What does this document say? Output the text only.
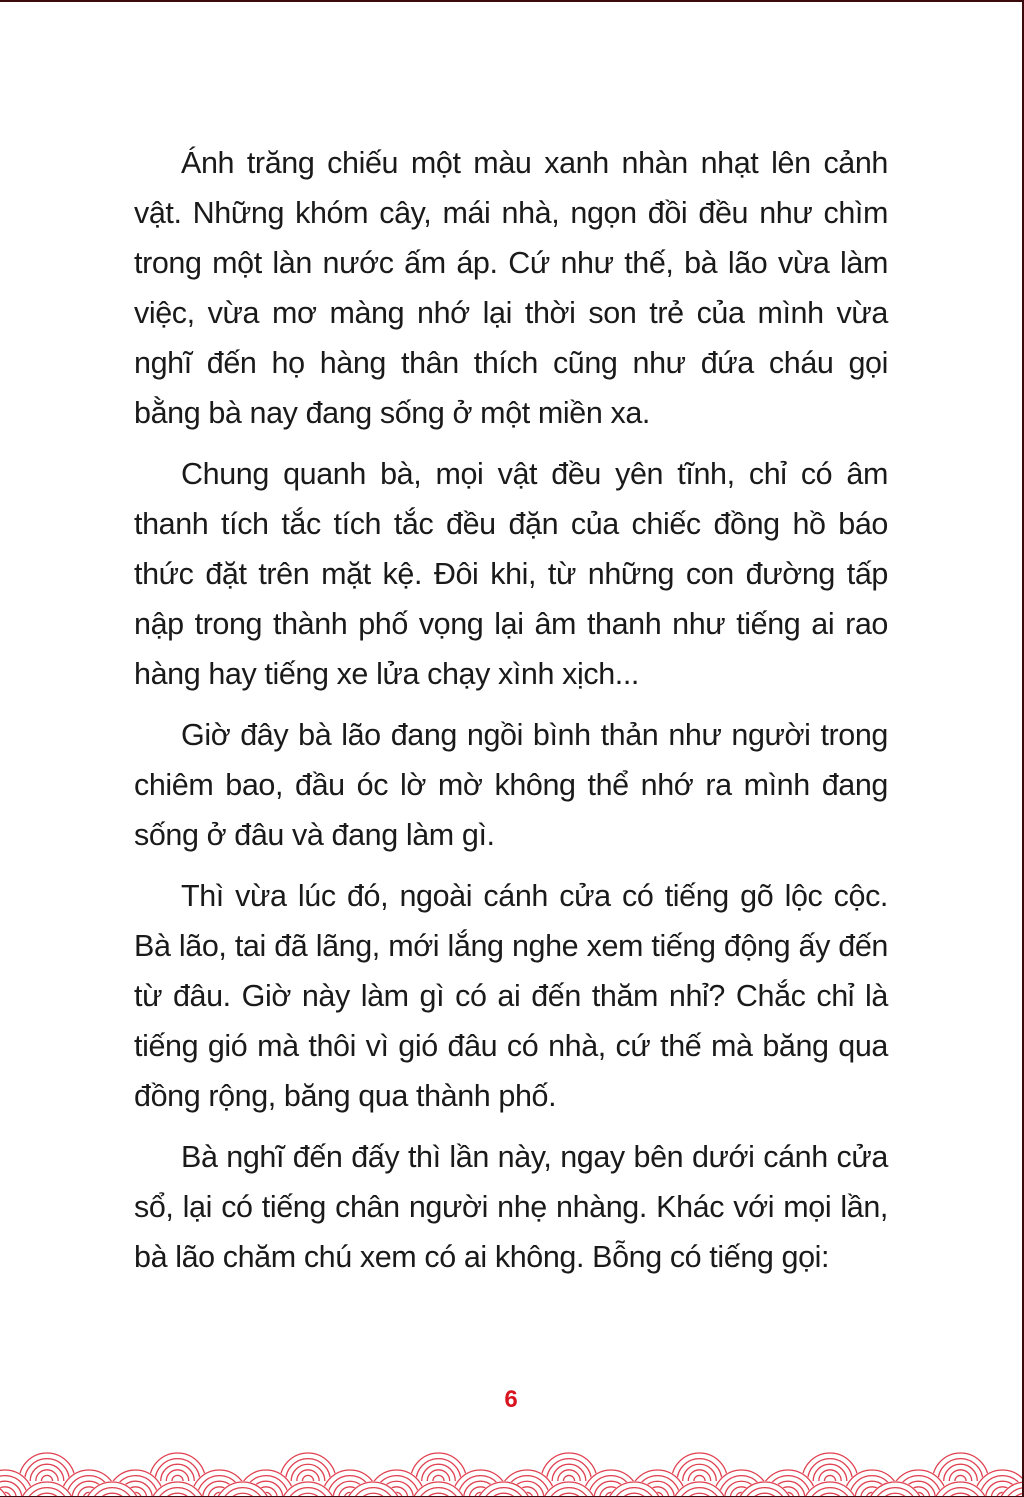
Ánh trăng chiếu một màu xanh nhàn nhạt lên cảnh vật. Những khóm cây, mái nhà, ngọn đồi đều như chìm trong một làn nước ấm áp. Cứ như thế, bà lão vừa làm việc, vừa mơ màng nhớ lại thời son trẻ của mình vừa nghĩ đến họ hàng thân thích cũng như đứa cháu gọi bằng bà nay đang sống ở một miền xa.

Chung quanh bà, mọi vật đều yên tĩnh, chỉ có âm thanh tích tắc tích tắc đều đặn của chiếc đồng hồ báo thức đặt trên mặt kệ. Đôi khi, từ những con đường tấp nập trong thành phố vọng lại âm thanh như tiếng ai rao hàng hay tiếng xe lửa chạy xình xịch...

Giờ đây bà lão đang ngồi bình thản như người trong chiêm bao, đầu óc lờ mờ không thể nhớ ra mình đang sống ở đâu và đang làm gì.

Thì vừa lúc đó, ngoài cánh cửa có tiếng gõ lộc cộc. Bà lão, tai đã lãng, mới lắng nghe xem tiếng động ấy đến từ đâu. Giờ này làm gì có ai đến thăm nhỉ? Chắc chỉ là tiếng gió mà thôi vì gió đâu có nhà, cứ thế mà băng qua đồng rộng, băng qua thành phố.

Bà nghĩ đến đấy thì lần này, ngay bên dưới cánh cửa sổ, lại có tiếng chân người nhẹ nhàng. Khác với mọi lần, bà lão chăm chú xem có ai không. Bỗng có tiếng gọi:

6
